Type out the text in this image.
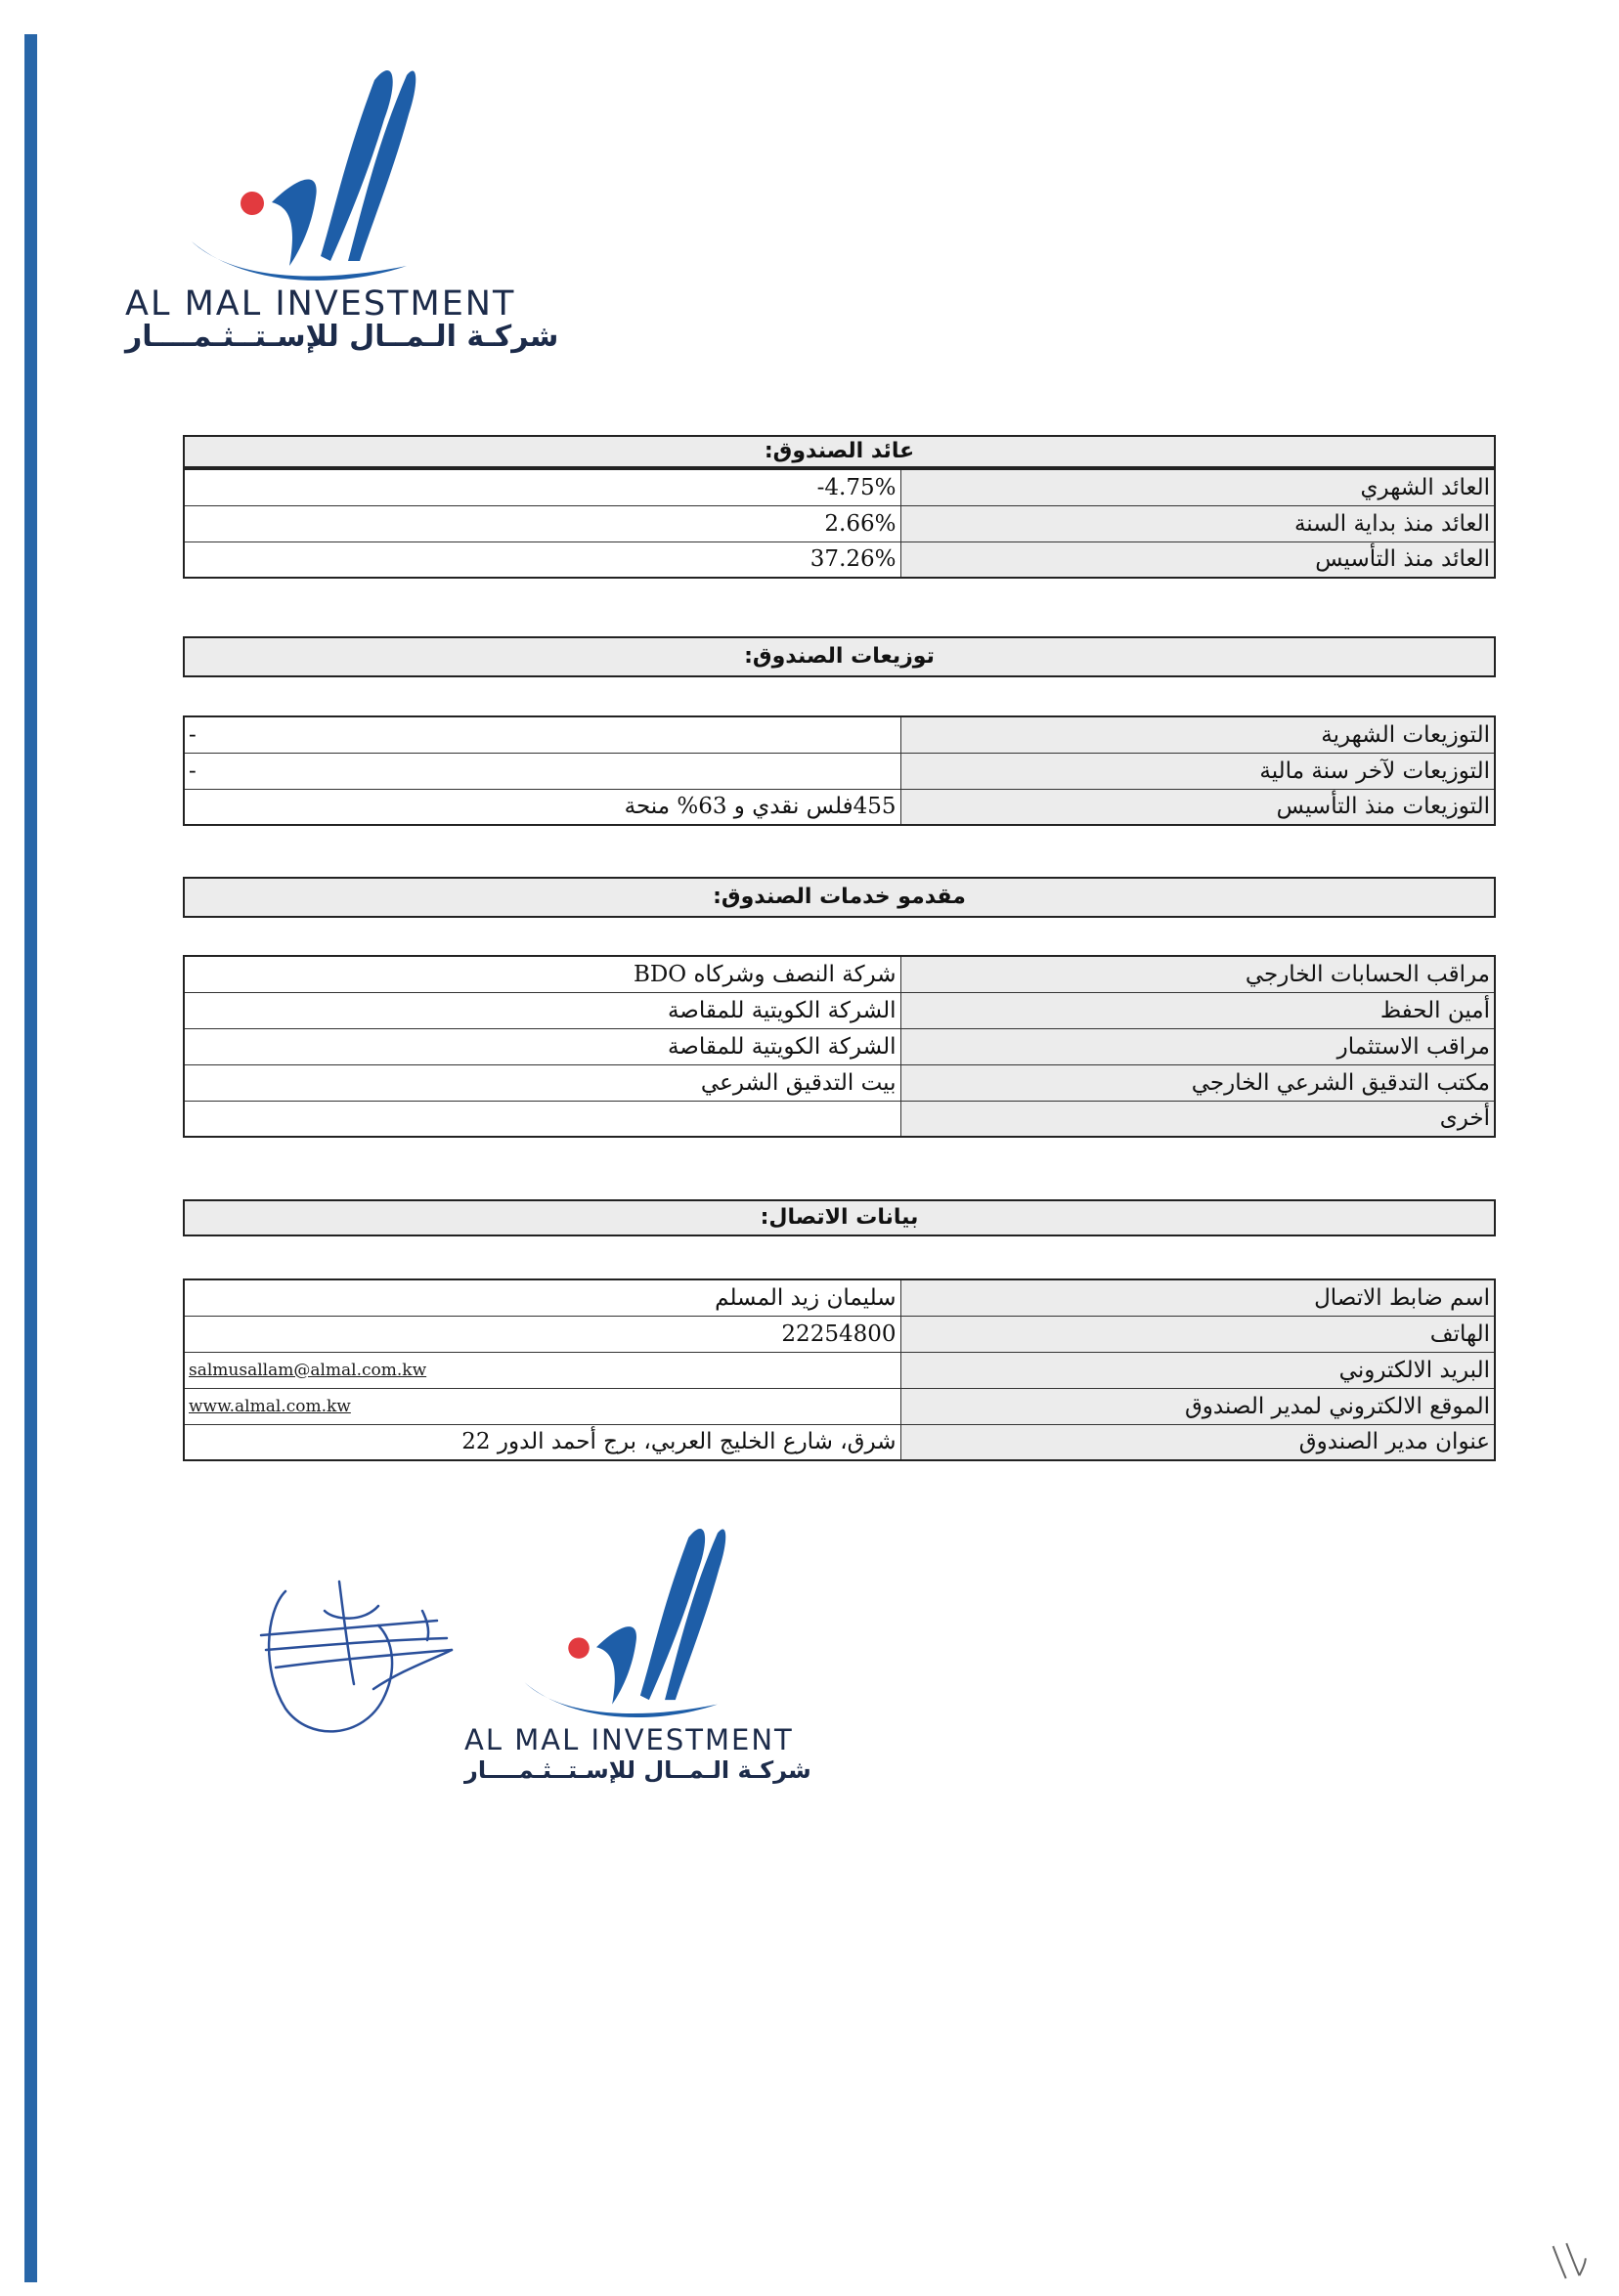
AL MAL INVESTMENT
شركـة الـمــال للإسـتــثـمــــار
عائد الصندوق:
العائد الشهري	-4.75%
العائد منذ بداية السنة	2.66%
العائد منذ التأسيس	37.26%
توزيعات الصندوق:
التوزيعات الشهرية	-
التوزيعات لآخر سنة مالية	-
التوزيعات منذ التأسيس	455فلس نقدي و 63% منحة
مقدمو خدمات الصندوق:
مراقب الحسابات الخارجي	شركة النصف وشركاه BDO
أمين الحفظ	الشركة الكويتية للمقاصة
مراقب الاستثمار	الشركة الكويتية للمقاصة
مكتب التدقيق الشرعي الخارجي	بيت التدقيق الشرعي
أخرى	
بيانات الاتصال:
اسم ضابط الاتصال	سليمان زيد المسلم
الهاتف	22254800
البريد الالكتروني	salmusallam@almal.com.kw
الموقع الالكتروني لمدير الصندوق	www.almal.com.kw
عنوان مدير الصندوق	شرق، شارع الخليج العربي، برج أحمد الدور 22
AL MAL INVESTMENT
شركـة الـمــال للإسـتــثـمــــار
